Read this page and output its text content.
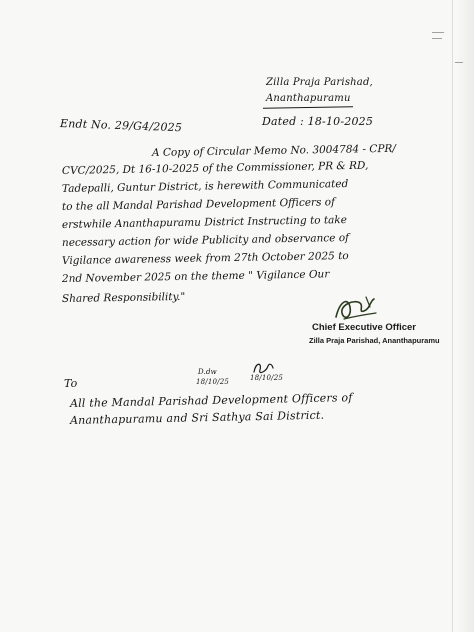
Zilla Praja Parishad,
Ananthapuramu
Endt No. 29/G4/2025	Dated : 18-10-2025
A Copy of Circular Memo No. 3004784 - CPR/
CVC/2025, Dt 16-10-2025 of the Commissioner, PR & RD,
Tadepalli, Guntur District, is herewith Communicated
to the all Mandal Parishad Development Officers of
erstwhile Ananthapuramu District Instructing to take
necessary action for wide Publicity and observance of
Vigilance awareness week from 27th October 2025 to
2nd November 2025 on the theme " Vigilance Our
Shared Responsibility."
Chief Executive Officer
Zilla Praja Parishad, Ananthapuramu
D.dw
18/10/25	18/10/25
To
All the Mandal Parishad Development Officers of
Ananthapuramu and Sri Sathya Sai District.
